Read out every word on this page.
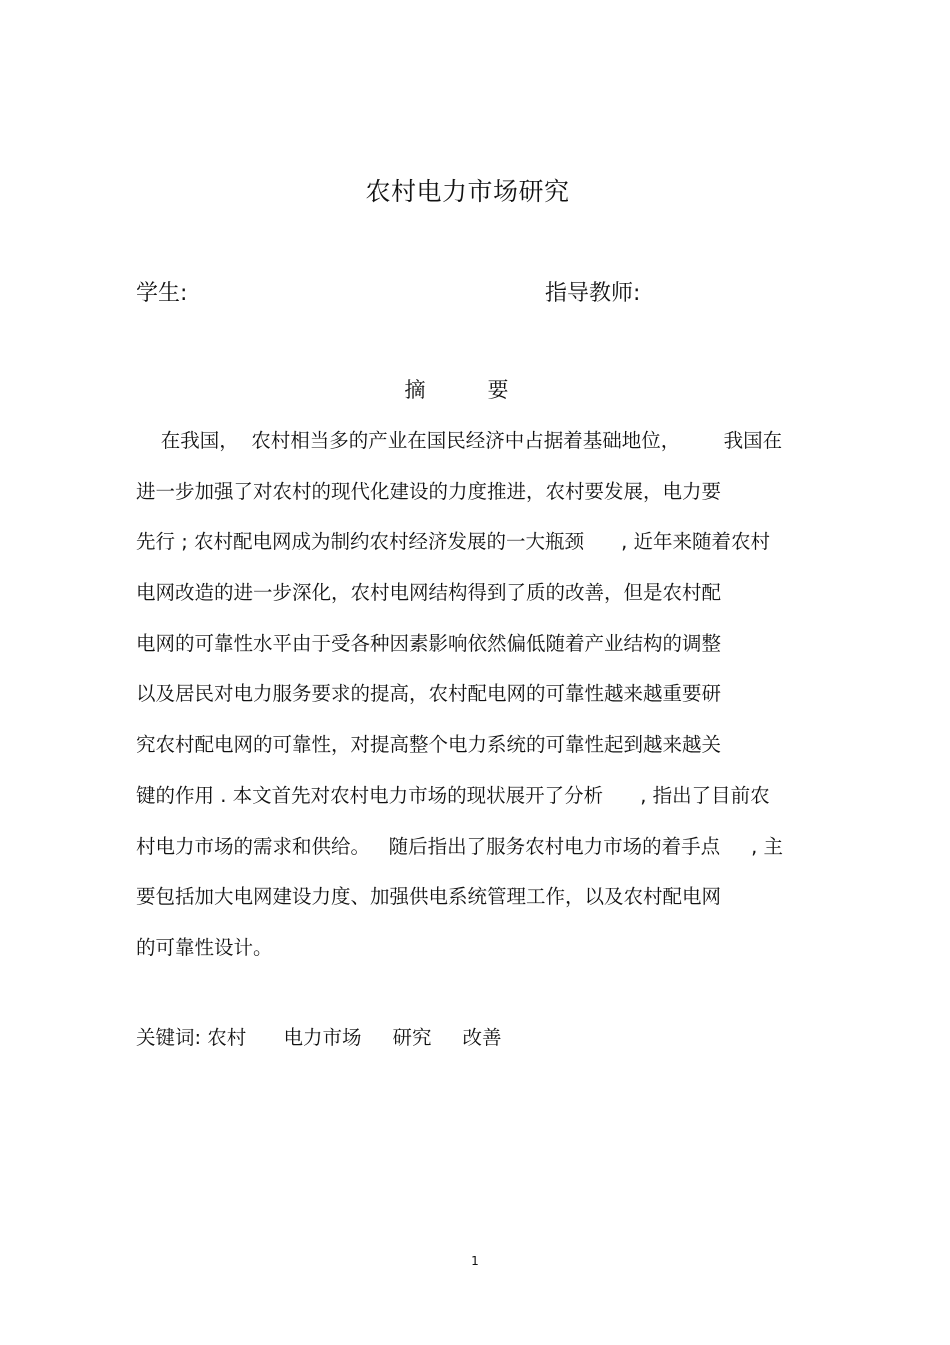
农村电力市场研究
学生:	指导教师:
摘要
在我国，  农村相当多的产业在国民经济中占据着基础地位，       我国在
进一步加强了对农村的现代化建设的力度推进，农村要发展，电力要
先行 ; 农村配电网成为制约农村经济发展的一大瓶颈      , 近年来随着农村
电网改造的进一步深化，农村电网结构得到了质的改善，但是农村配
电网的可靠性水平由于受各种因素影响依然偏低随着产业结构的调整
以及居民对电力服务要求的提高，农村配电网的可靠性越来越重要研
究农村配电网的可靠性，对提高整个电力系统的可靠性起到越来越关
键的作用 . 本文首先对农村电力市场的现状展开了分析      , 指出了目前农
村电力市场的需求和供给。   随后指出了服务农村电力市场的着手点     , 主
要包括加大电网建设力度、加强供电系统管理工作，以及农村配电网
的可靠性设计。
关键词: 农村      电力市场     研究     改善
1
